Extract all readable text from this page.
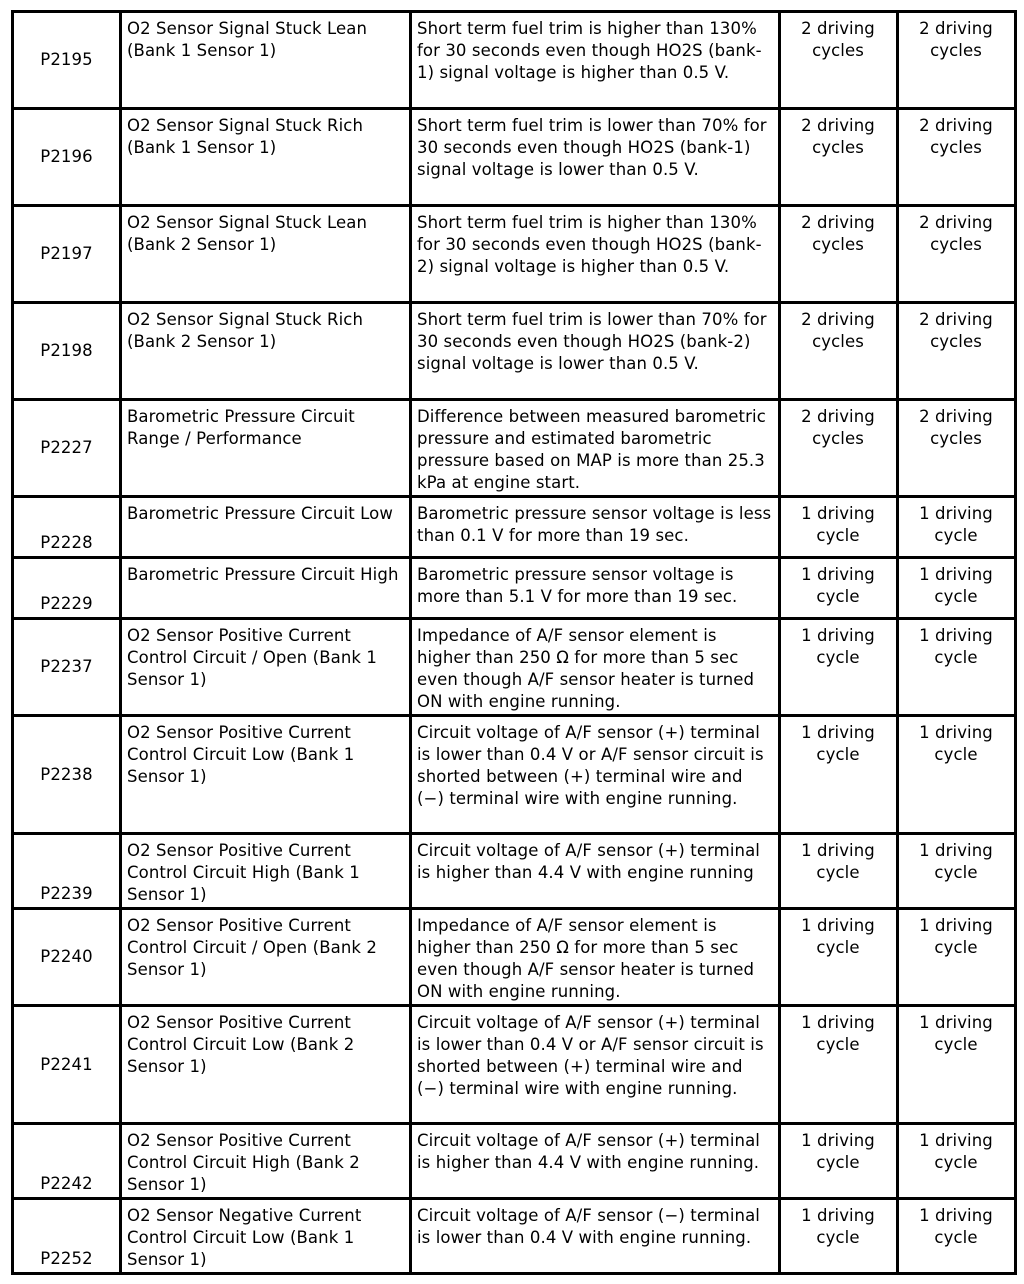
P2195	O2 Sensor Signal Stuck Lean (Bank 1 Sensor 1)	Short term fuel trim is higher than 130% for 30 seconds even though HO2S (bank-1) signal voltage is higher than 0.5 V.	2 driving cycles	2 driving cycles
P2196	O2 Sensor Signal Stuck Rich (Bank 1 Sensor 1)	Short term fuel trim is lower than 70% for 30 seconds even though HO2S (bank-1) signal voltage is lower than 0.5 V.	2 driving cycles	2 driving cycles
P2197	O2 Sensor Signal Stuck Lean (Bank 2 Sensor 1)	Short term fuel trim is higher than 130% for 30 seconds even though HO2S (bank-2) signal voltage is higher than 0.5 V.	2 driving cycles	2 driving cycles
P2198	O2 Sensor Signal Stuck Rich (Bank 2 Sensor 1)	Short term fuel trim is lower than 70% for 30 seconds even though HO2S (bank-2) signal voltage is lower than 0.5 V.	2 driving cycles	2 driving cycles
P2227	Barometric Pressure Circuit Range / Performance	Difference between measured barometric pressure and estimated barometric pressure based on MAP is more than 25.3 kPa at engine start.	2 driving cycles	2 driving cycles
P2228	Barometric Pressure Circuit Low	Barometric pressure sensor voltage is less than 0.1 V for more than 19 sec.	1 driving cycle	1 driving cycle
P2229	Barometric Pressure Circuit High	Barometric pressure sensor voltage is more than 5.1 V for more than 19 sec.	1 driving cycle	1 driving cycle
P2237	O2 Sensor Positive Current Control Circuit / Open (Bank 1 Sensor 1)	Impedance of A/F sensor element is higher than 250 Ω for more than 5 sec even though A/F sensor heater is turned ON with engine running.	1 driving cycle	1 driving cycle
P2238	O2 Sensor Positive Current Control Circuit Low (Bank 1 Sensor 1)	Circuit voltage of A/F sensor (+) terminal is lower than 0.4 V or A/F sensor circuit is shorted between (+) terminal wire and (−) terminal wire with engine running.	1 driving cycle	1 driving cycle
P2239	O2 Sensor Positive Current Control Circuit High (Bank 1 Sensor 1)	Circuit voltage of A/F sensor (+) terminal is higher than 4.4 V with engine running	1 driving cycle	1 driving cycle
P2240	O2 Sensor Positive Current Control Circuit / Open (Bank 2 Sensor 1)	Impedance of A/F sensor element is higher than 250 Ω for more than 5 sec even though A/F sensor heater is turned ON with engine running.	1 driving cycle	1 driving cycle
P2241	O2 Sensor Positive Current Control Circuit Low (Bank 2 Sensor 1)	Circuit voltage of A/F sensor (+) terminal is lower than 0.4 V or A/F sensor circuit is shorted between (+) terminal wire and (−) terminal wire with engine running.	1 driving cycle	1 driving cycle
P2242	O2 Sensor Positive Current Control Circuit High (Bank 2 Sensor 1)	Circuit voltage of A/F sensor (+) terminal is higher than 4.4 V with engine running.	1 driving cycle	1 driving cycle
P2252	O2 Sensor Negative Current Control Circuit Low (Bank 1 Sensor 1)	Circuit voltage of A/F sensor (−) terminal is lower than 0.4 V with engine running.	1 driving cycle	1 driving cycle
